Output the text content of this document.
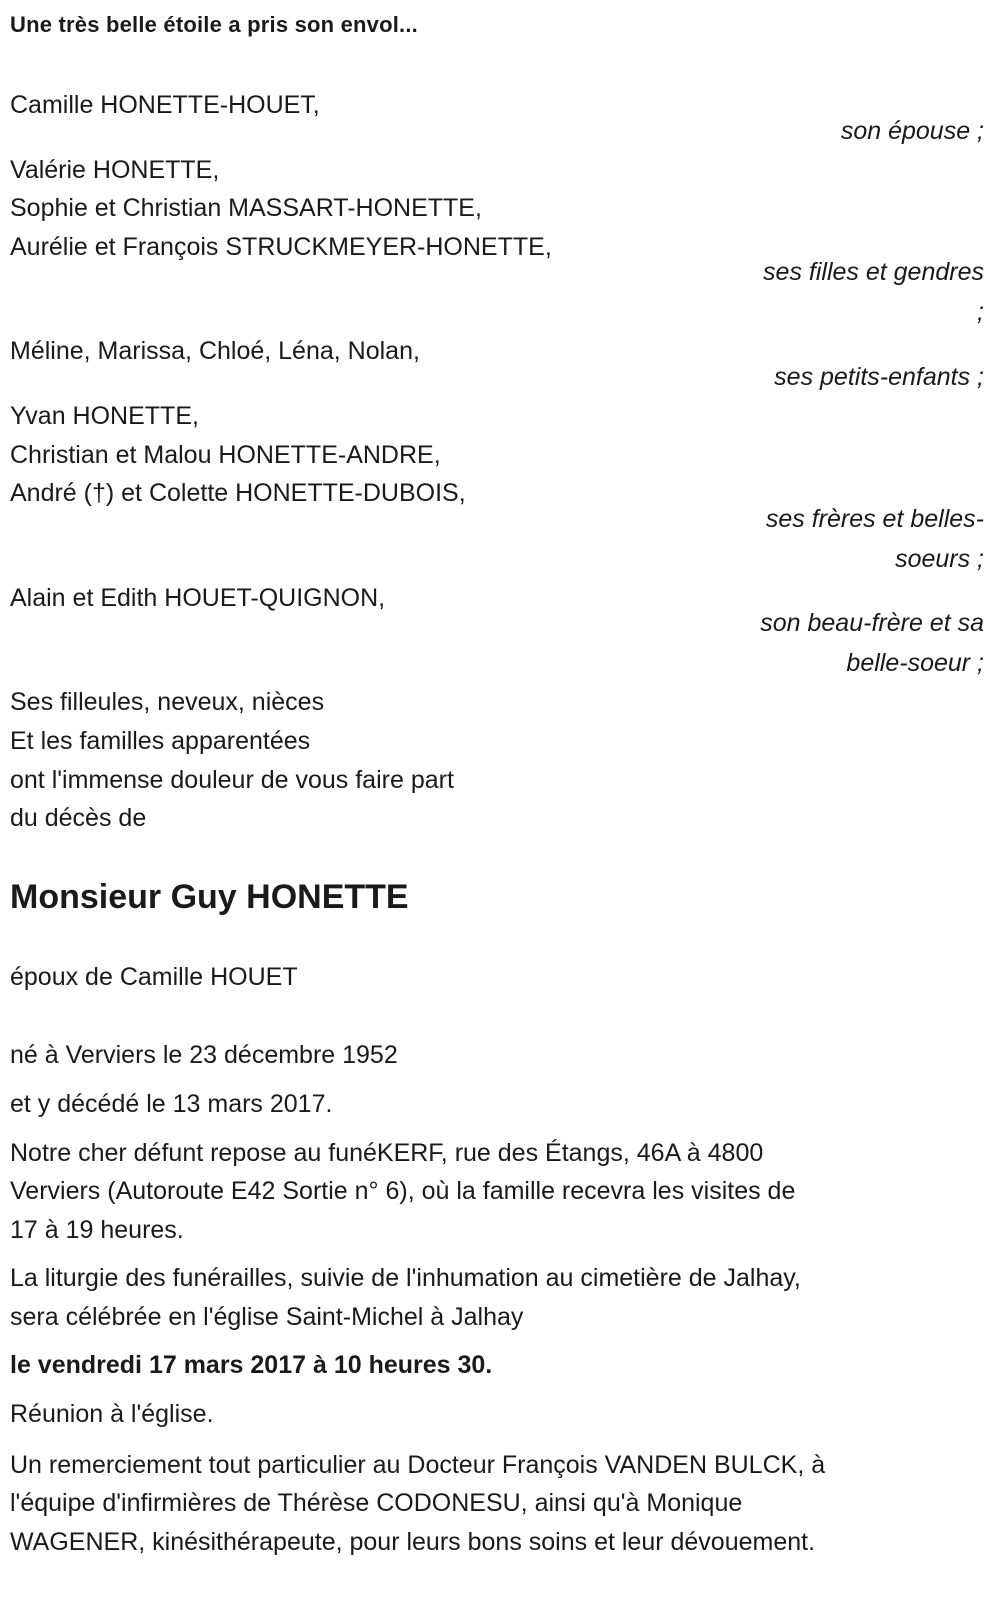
Une très belle étoile a pris son envol...
Camille HONETTE-HOUET,
son épouse ;
Valérie HONETTE,
Sophie et Christian MASSART-HONETTE,
Aurélie et François STRUCKMEYER-HONETTE,
ses filles et gendres
;
Méline, Marissa, Chloé, Léna, Nolan,
ses petits-enfants ;
Yvan HONETTE,
Christian et Malou HONETTE-ANDRE,
André (†) et Colette HONETTE-DUBOIS,
ses frères et belles-
soeurs ;
Alain et Edith HOUET-QUIGNON,
son beau-frère et sa
belle-soeur ;
Ses filleules, neveux, nièces
Et les familles apparentées
ont l'immense douleur de vous faire part
du décès de
Monsieur Guy HONETTE
époux de Camille HOUET
né à Verviers le 23 décembre 1952
et y décédé le 13 mars 2017.
Notre cher défunt repose au funéKERF, rue des Étangs, 46A à 4800
Verviers (Autoroute E42 Sortie n° 6), où la famille recevra les visites de
17 à 19 heures.
La liturgie des funérailles, suivie de l'inhumation au cimetière de Jalhay,
sera célébrée en l'église Saint-Michel à Jalhay
le vendredi 17 mars 2017 à 10 heures 30.
Réunion à l'église.
Un remerciement tout particulier au Docteur François VANDEN BULCK, à
l'équipe d'infirmières de Thérèse CODONESU, ainsi qu'à Monique
WAGENER, kinésithérapeute, pour leurs bons soins et leur dévouement.
